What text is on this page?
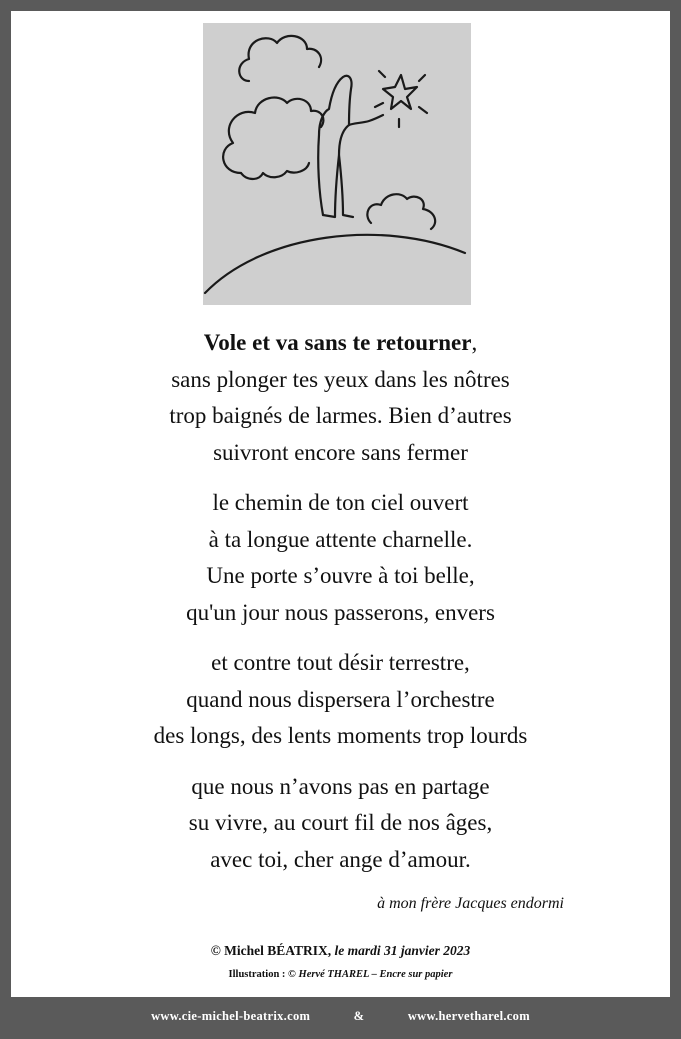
Vole et va sans te retourner,
sans plonger tes yeux dans les nôtres
trop baignés de larmes. Bien d’autres
suivront encore sans fermer
le chemin de ton ciel ouvert
à ta longue attente charnelle.
Une porte s’ouvre à toi belle,
qu'un jour nous passerons, envers
et contre tout désir terrestre,
quand nous dispersera l’orchestre
des longs, des lents moments trop lourds
que nous n’avons pas en partage
su vivre, au court fil de nos âges,
avec toi, cher ange d’amour.
à mon frère Jacques endormi
© Michel BÉATRIX, le mardi 31 janvier 2023
Illustration : © Hervé THAREL – Encre sur papier
www.cie-michel-beatrix.com	&	www.hervetharel.com
